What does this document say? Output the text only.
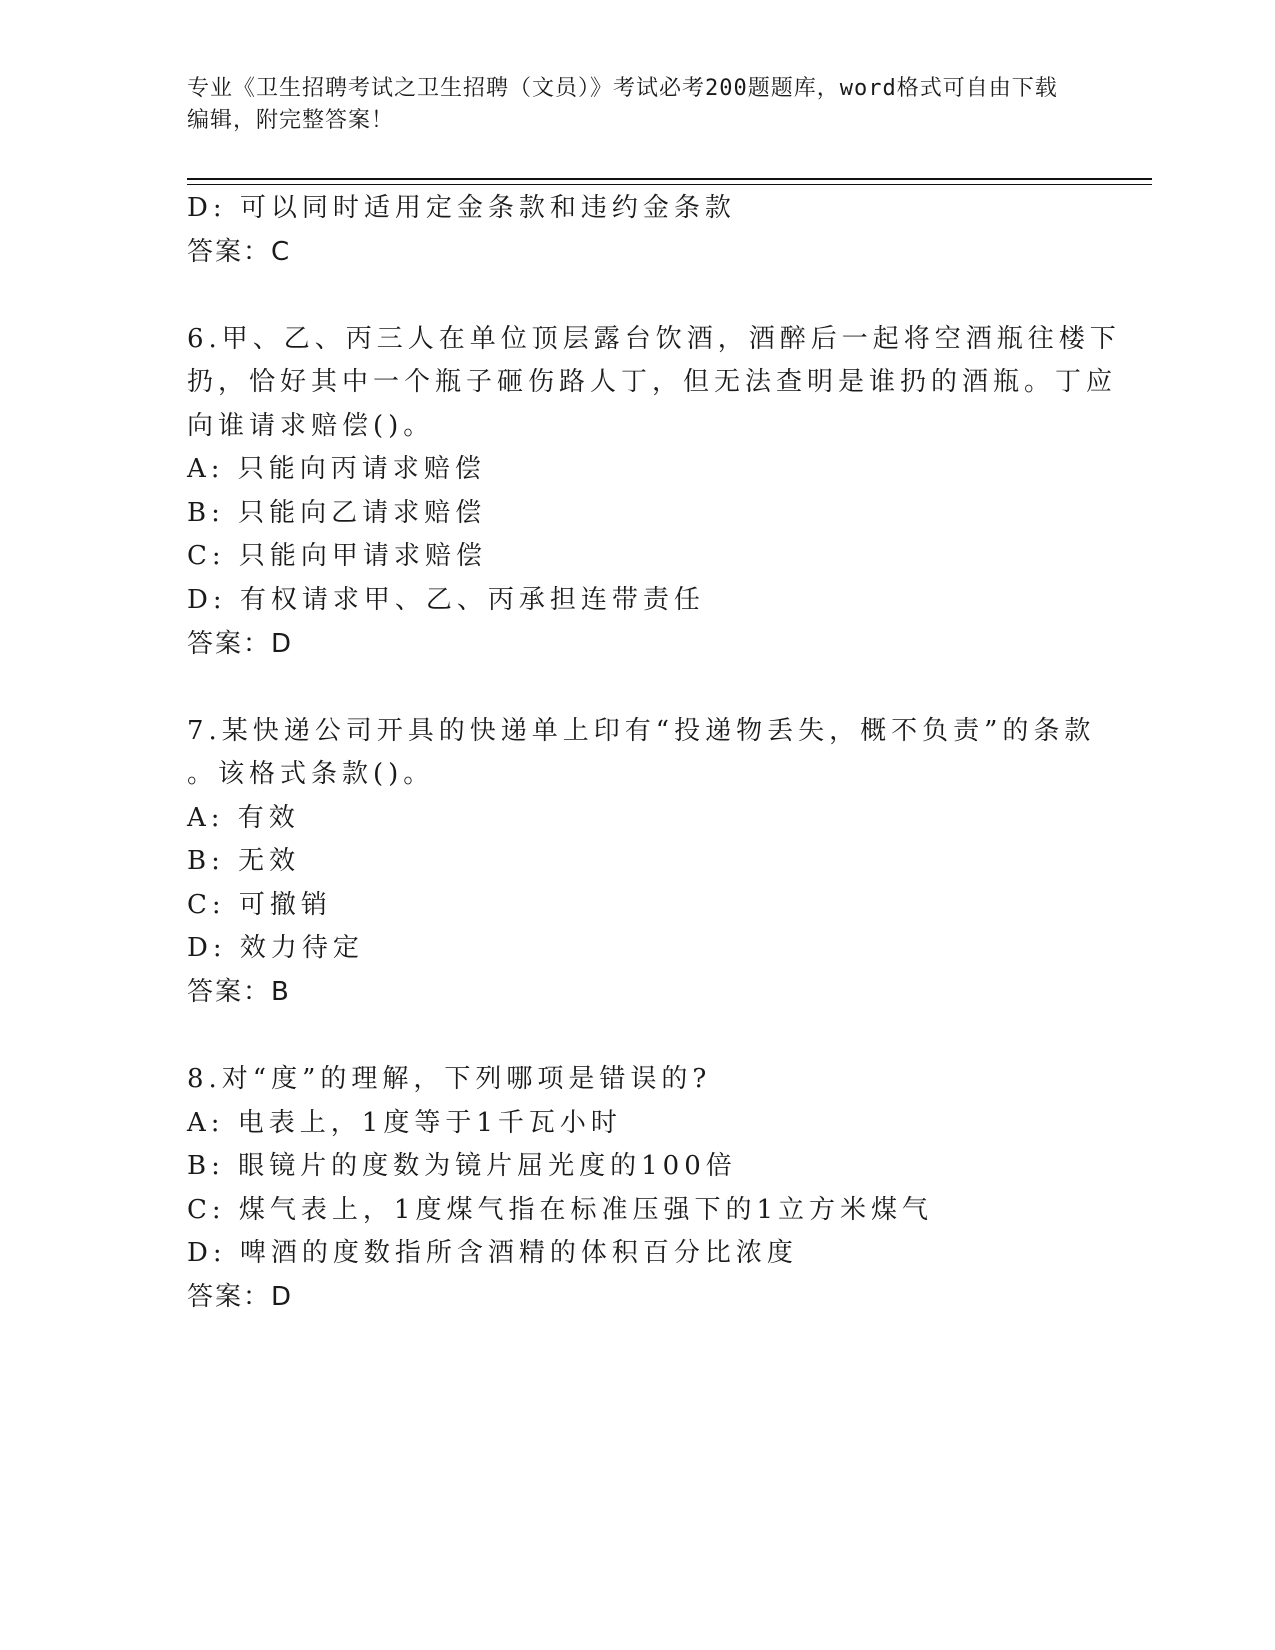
专业《卫生招聘考试之卫生招聘（文员）》考试必考200题题库，word格式可自由下载编辑，附完整答案！
D: 可以同时适用定金条款和违约金条款
答案：C
6.甲、乙、丙三人在单位顶层露台饮酒，酒醉后一起将空酒瓶往楼下
扔，恰好其中一个瓶子砸伤路人丁，但无法查明是谁扔的酒瓶。丁应
向谁请求赔偿()。
A: 只能向丙请求赔偿
B: 只能向乙请求赔偿
C: 只能向甲请求赔偿
D: 有权请求甲、乙、丙承担连带责任
答案：D
7.某快递公司开具的快递单上印有“投递物丢失，概不负责”的条款
。该格式条款()。
A: 有效
B: 无效
C: 可撤销
D: 效力待定
答案：B
8.对“度”的理解，下列哪项是错误的?
A: 电表上，1度等于1千瓦小时
B: 眼镜片的度数为镜片屈光度的100倍
C: 煤气表上，1度煤气指在标准压强下的1立方米煤气
D: 啤酒的度数指所含酒精的体积百分比浓度
答案：D
